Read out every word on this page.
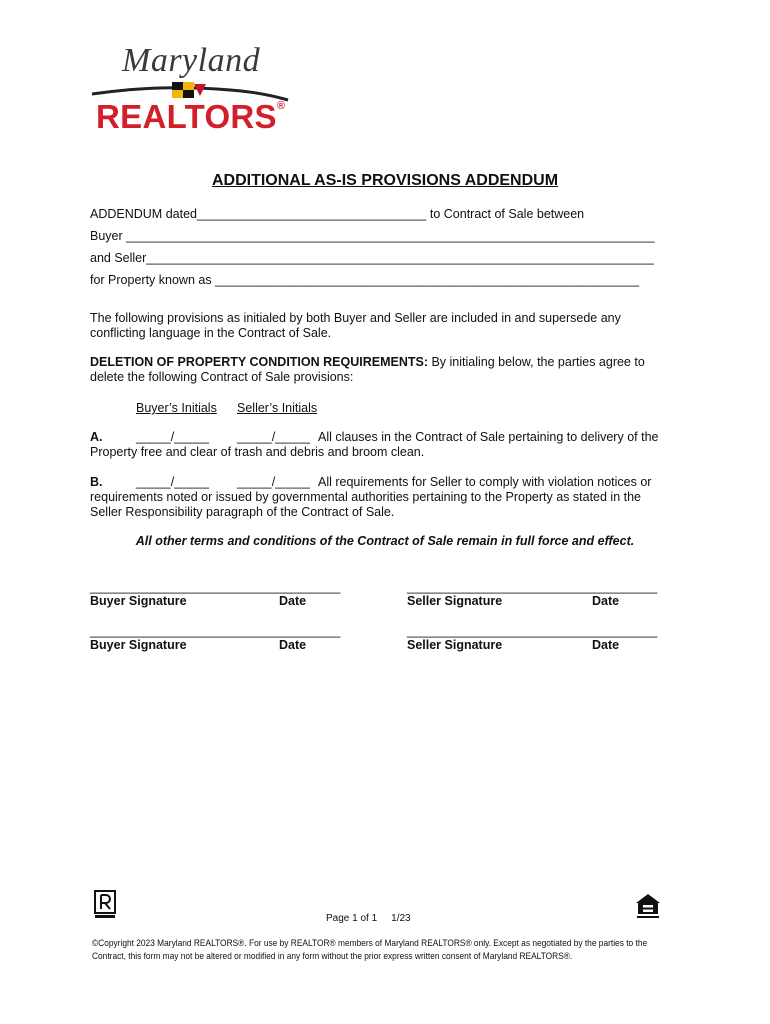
Maryland
REALTORS®
ADDITIONAL AS-IS PROVISIONS ADDENDUM
ADDENDUM dated_________________________________ to Contract of Sale between
Buyer ____________________________________________________________________________
and Seller_________________________________________________________________________
for Property known as _____________________________________________________________
The following provisions as initialed by both Buyer and Seller are included in and supersede any conflicting language in the Contract of Sale.
DELETION OF PROPERTY CONDITION REQUIREMENTS: By initialing below, the parties agree to delete the following Contract of Sale provisions:
Buyer’s Initials Seller’s Initials
A.	_____/_____ _____/_____ All clauses in the Contract of Sale pertaining to delivery of the
Property free and clear of trash and debris and broom clean.
B.	_____/_____ _____/_____ All requirements for Seller to comply with violation notices or
requirements noted or issued by governmental authorities pertaining to the Property as stated in the Seller Responsibility paragraph of the Contract of Sale.
All other terms and conditions of the Contract of Sale remain in full force and effect.
____________________________________	____________________________________
Buyer Signature	Date	Seller Signature	Date
____________________________________	____________________________________
Buyer Signature	Date	Seller Signature	Date
Page 1 of 1 1/23
©Copyright 2023 Maryland REALTORS®. For use by REALTOR® members of Maryland REALTORS® only. Except as negotiated by the parties to the Contract, this form may not be altered or modified in any form without the prior express written consent of Maryland REALTORS®.
